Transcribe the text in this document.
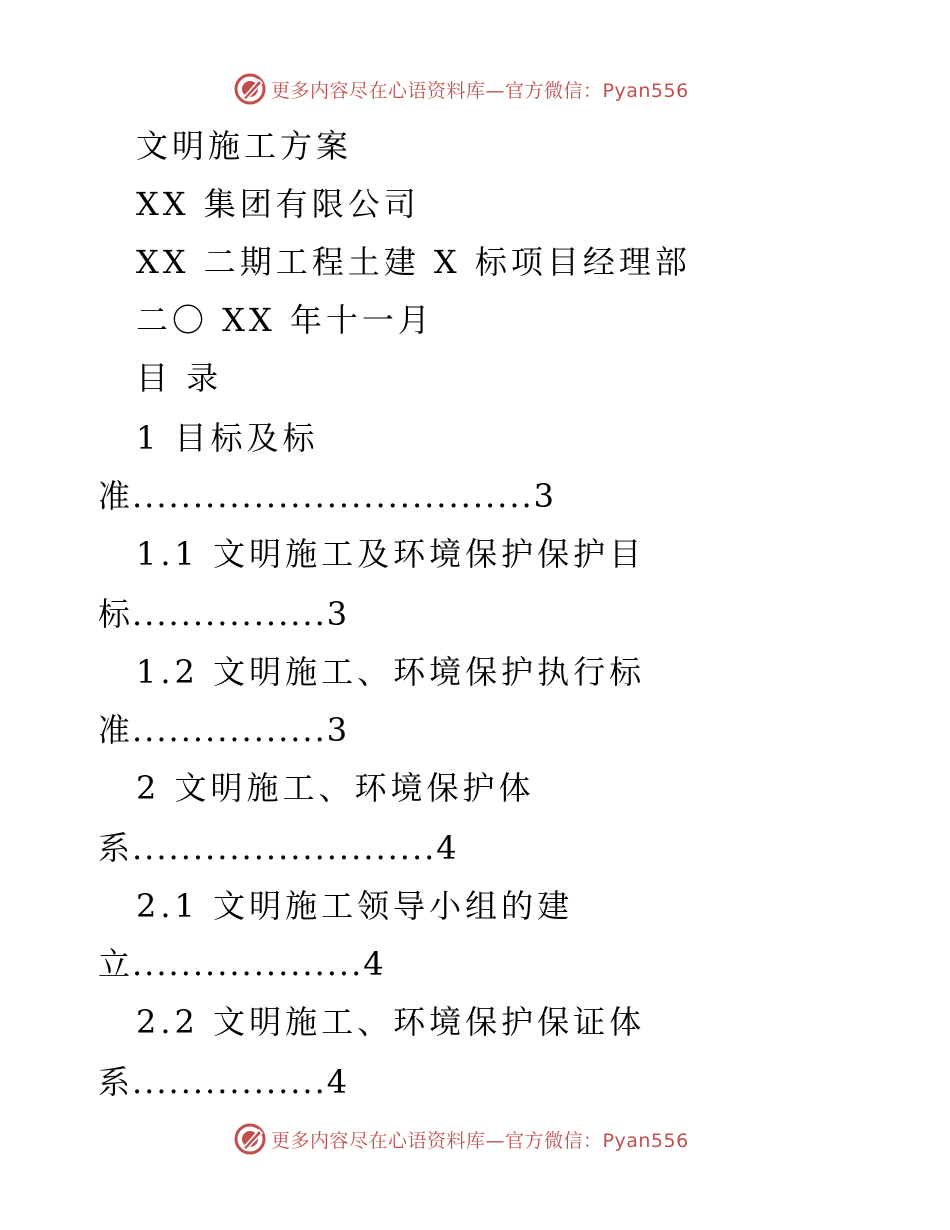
更多内容尽在心语资料库—官方微信：Pyan556
文明施工方案
XX 集团有限公司
XX 二期工程土建 X 标项目经理部
二〇 XX 年十一月
目 录
1 目标及标
准.................................3
1.1 文明施工及环境保护保护目
标................3
1.2 文明施工、环境保护执行标
准................3
2 文明施工、环境保护体
系.........................4
2.1 文明施工领导小组的建
立...................4
2.2 文明施工、环境保护保证体
系................4
更多内容尽在心语资料库—官方微信：Pyan556
